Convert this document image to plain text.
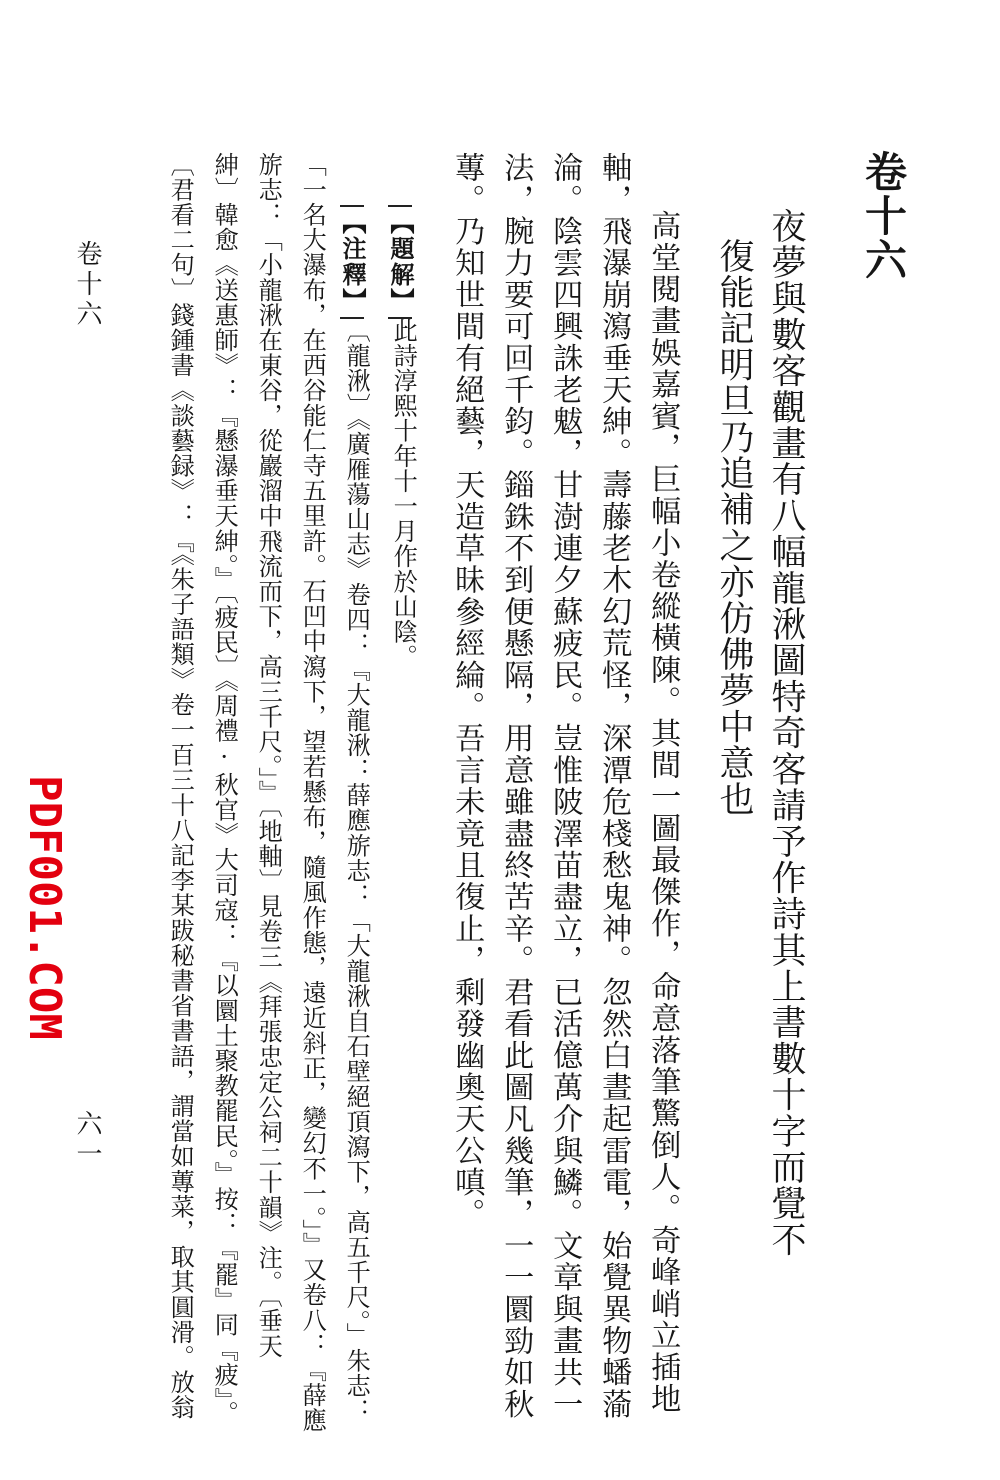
卷十六
夜夢與數客觀畫有八幅龍湫圖特奇客請予作詩其上書數十字而覺不
復能記明旦乃追補之亦仿佛夢中意也
高堂閱畫娛嘉賓，巨幅小卷縱橫陳。其間一圖最傑作，命意落筆驚倒人。奇峰峭立插地
軸，飛瀑崩瀉垂天紳。壽藤老木幻荒怪，深潭危棧愁鬼神。忽然白晝起雷電，始覺異物蟠蕍
淪。陰雲四興誅老魃，甘澍連夕蘇疲民。豈惟陂澤苗盡立，已活億萬介與鱗。文章與畫共一
法，腕力要可回千鈞。錙銖不到便懸隔，用意雖盡終苦辛。君看此圖凡幾筆，一一圜勁如秋
蓴。乃知世間有絕藝，天造草昧參經綸。吾言未竟且復止，剩發幽奧天公嗔。
【題解】
此詩淳熙十年十一月作於山陰。
【注釋】
〔龍湫〕《廣雁蕩山志》卷四：『大龍湫：薛應旂志：「大龍湫自石壁絕頂瀉下，高五千尺。」朱志：
「一名大瀑布，在西谷能仁寺五里許。石凹中瀉下，望若懸布，隨風作態，遠近斜正，變幻不一。」』又卷八：『薛應
旂志：「小龍湫在東谷，從巖溜中飛流而下，高三千尺。」』〔地軸〕見卷三《拜張忠定公祠二十韻》注。〔垂天
紳〕韓愈《送惠師》：『懸瀑垂天紳。』〔疲民〕《周禮·秋官》大司寇：『以圜土聚教罷民。』按：『罷』同『疲』。
〔君看二句〕錢鍾書《談藝録》：『《朱子語類》卷一百三十八記李某跋秘書省書語，謂當如蓴菜，取其圓滑。放翁
卷十六
六一
PDF001.COM
